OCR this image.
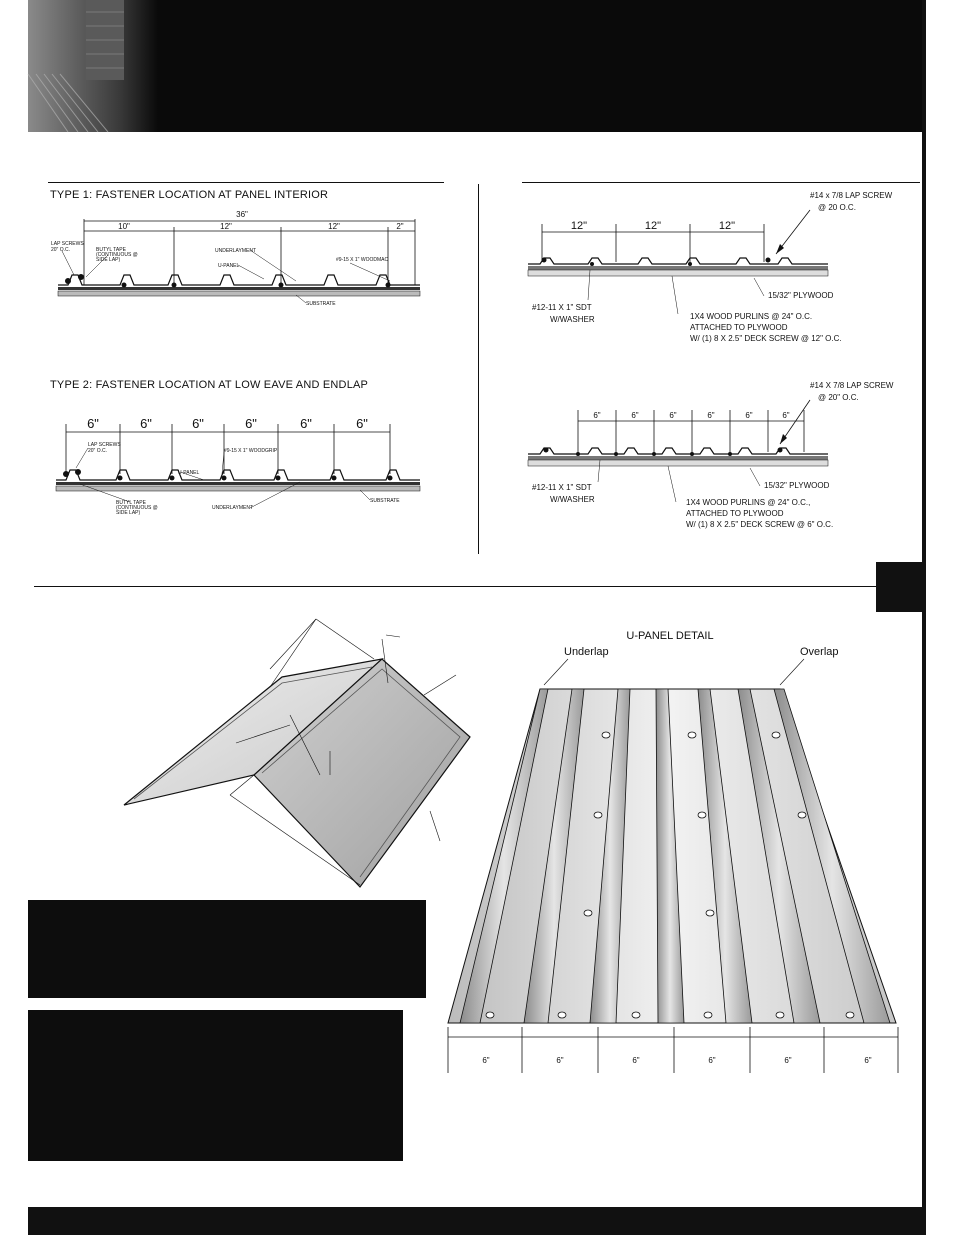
TYPE 1: FASTENER LOCATION AT PANEL INTERIOR
TYPE 2: FASTENER LOCATION AT LOW EAVE AND ENDLAP
36"
10"	12"	12"	2"
LAP SCREWS
20" O.C.	BUTYL TAPE
(CONTINUOUS @
SIDE LAP)
UNDERLAYMENT
U-PANEL
#9-15 X 1" WOODMAC
SUBSTRATE
6"	6"	6"	6"	6"	6"
LAP SCREWS
20" O.C.	#9-15 X 1" WOODGRIP
U-PANEL
BUTYL TAPE
(CONTINUOUS @
SIDE LAP)
UNDERLAYMENT
SUBSTRATE
#14 x 7/8 LAP SCREW
@ 20 O.C.
12"	12"	12"
#12-11 X 1" SDT
W/WASHER	1X4 WOOD PURLINS @ 24" O.C.
ATTACHED TO PLYWOOD
W/ (1) 8 X 2.5" DECK SCREW @ 12" O.C.
15/32" PLYWOOD
#14 X 7/8 LAP SCREW
@ 20" O.C.
6"	6"	6"	6"	6"	6"
#12-11 X 1" SDT
W/WASHER	1X4 WOOD PURLINS @ 24" O.C.,
ATTACHED TO PLYWOOD
W/ (1) 8 X 2.5" DECK SCREW @ 6" O.C.
15/32" PLYWOOD
U-PANEL DETAIL
Underlap	Overlap
6"	6"	6"	6"	6"	6"
